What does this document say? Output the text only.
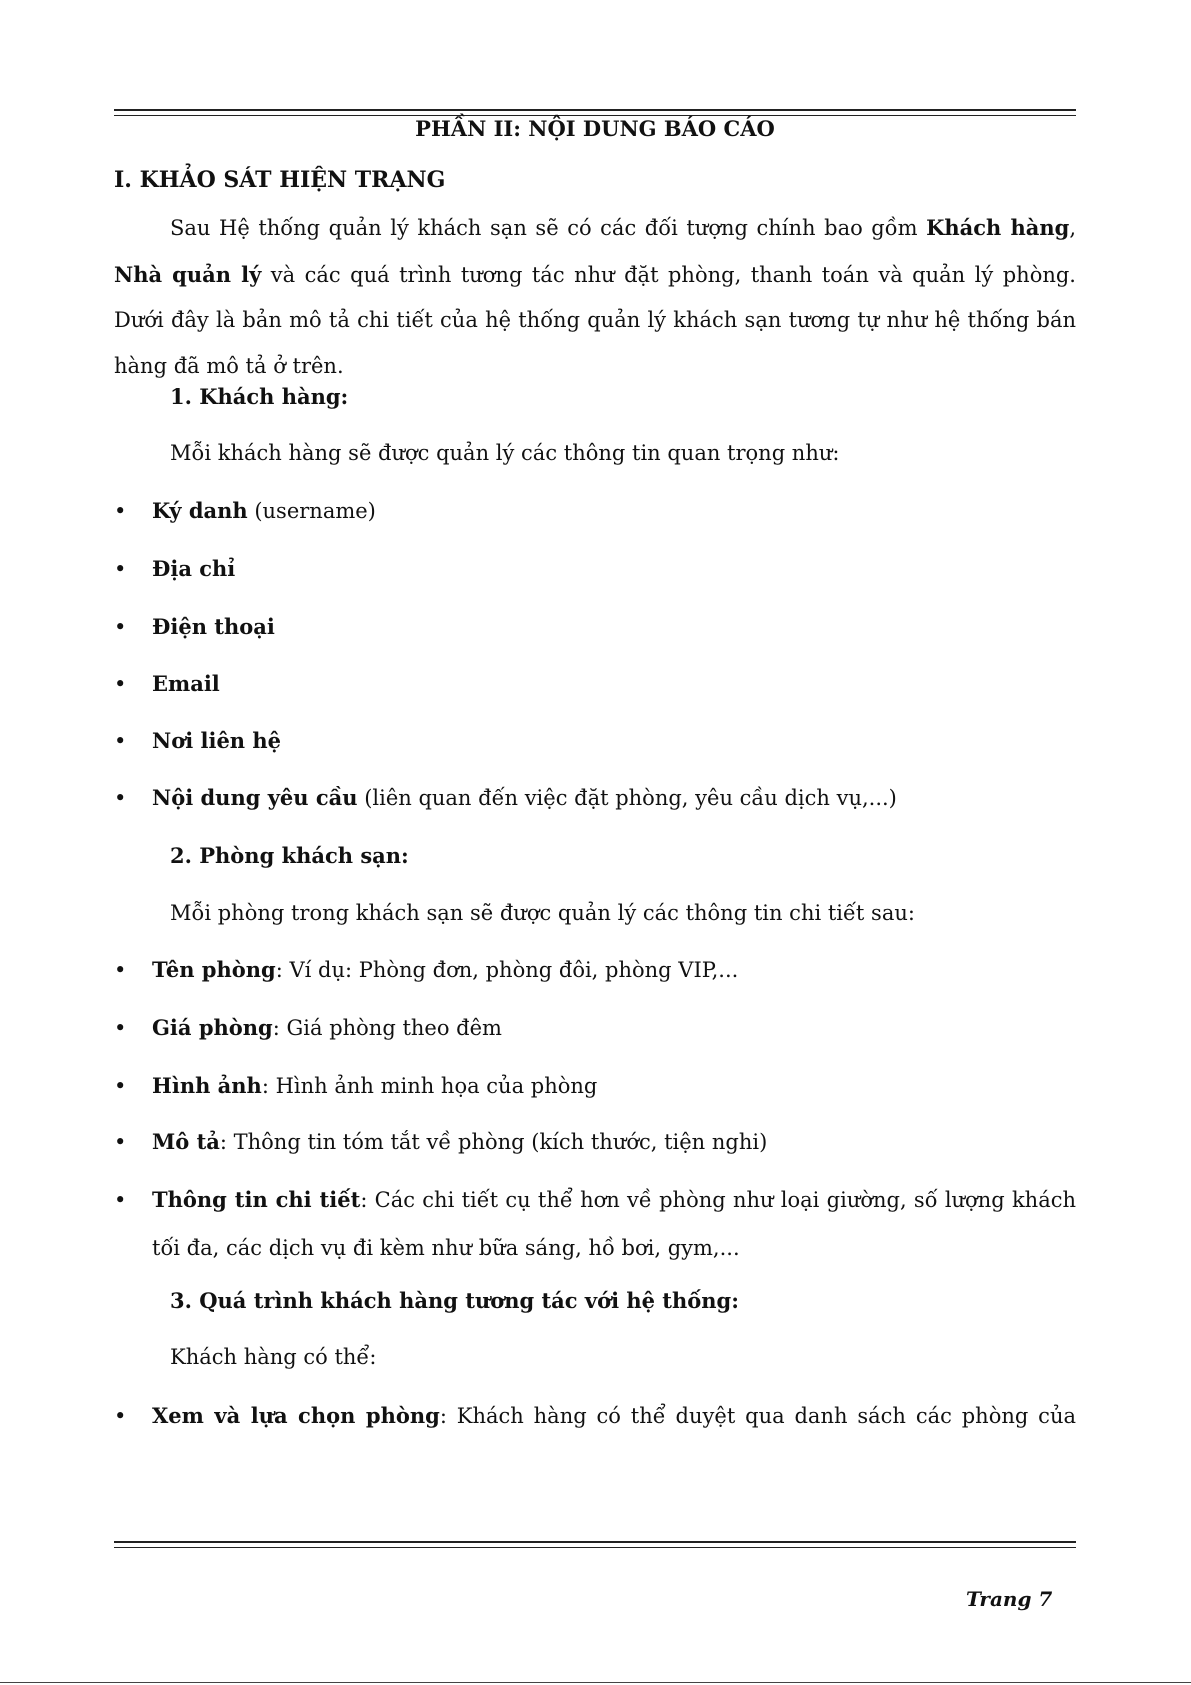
PHẦN II: NỘI DUNG BÁO CÁO
I. KHẢO SÁT HIỆN TRẠNG

Sau Hệ thống quản lý khách sạn sẽ có các đối tượng chính bao gồm Khách hàng, Nhà quản lý và các quá trình tương tác như đặt phòng, thanh toán và quản lý phòng. Dưới đây là bản mô tả chi tiết của hệ thống quản lý khách sạn tương tự như hệ thống bán hàng đã mô tả ở trên.

1. Khách hàng:
Mỗi khách hàng sẽ được quản lý các thông tin quan trọng như:
• Ký danh (username)

• Địa chỉ

• Điện thoại

• Email

• Nơi liên hệ

• Nội dung yêu cầu (liên quan đến việc đặt phòng, yêu cầu dịch vụ,...)

2. Phòng khách sạn:
Mỗi phòng trong khách sạn sẽ được quản lý các thông tin chi tiết sau:
• Tên phòng: Ví dụ: Phòng đơn, phòng đôi, phòng VIP,...

• Giá phòng: Giá phòng theo đêm

• Hình ảnh: Hình ảnh minh họa của phòng

• Mô tả: Thông tin tóm tắt về phòng (kích thước, tiện nghi)

• Thông tin chi tiết: Các chi tiết cụ thể hơn về phòng như loại giường, số lượng khách tối đa, các dịch vụ đi kèm như bữa sáng, hồ bơi, gym,...

3. Quá trình khách hàng tương tác với hệ thống:
Khách hàng có thể:
• Xem và lựa chọn phòng: Khách hàng có thể duyệt qua danh sách các phòng của

Trang 7
